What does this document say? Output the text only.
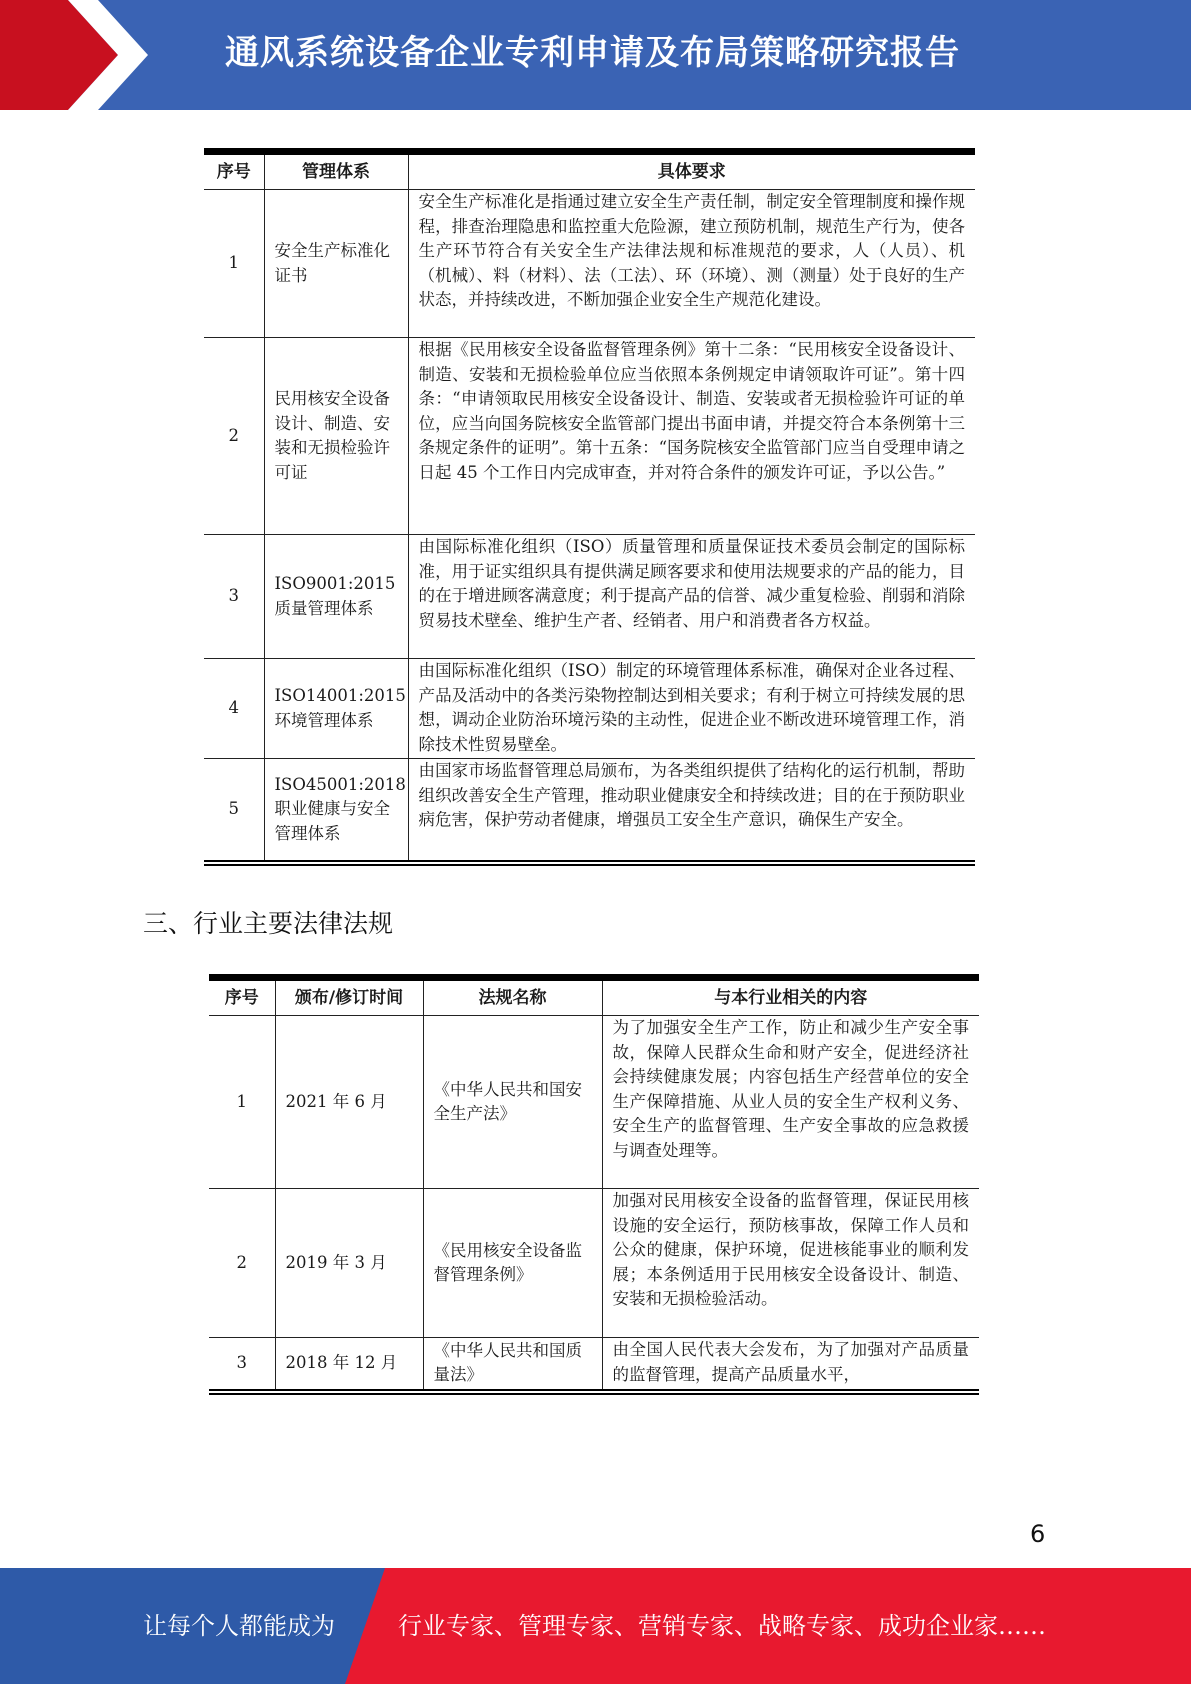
通风系统设备企业专利申请及布局策略研究报告
序号	管理体系	具体要求
1	安全生产标准化证书	安全生产标准化是指通过建立安全生产责任制，制定安全管理制度和操作规程，排查治理隐患和监控重大危险源，建立预防机制，规范生产行为，使各生产环节符合有关安全生产法律法规和标准规范的要求，人（人员）、机（机械）、料（材料）、法（工法）、环（环境）、测（测量）处于良好的生产状态，并持续改进，不断加强企业安全生产规范化建设。
2	民用核安全设备设计、制造、安装和无损检验许可证	根据《民用核安全设备监督管理条例》第十二条：“民用核安全设备设计、制造、安装和无损检验单位应当依照本条例规定申请领取许可证”。第十四条：“申请领取民用核安全设备设计、制造、安装或者无损检验许可证的单位，应当向国务院核安全监管部门提出书面申请，并提交符合本条例第十三条规定条件的证明”。第十五条：“国务院核安全监管部门应当自受理申请之日起 45 个工作日内完成审查，并对符合条件的颁发许可证，予以公告。”
3	ISO9001:2015 质量管理体系	由国际标准化组织（ISO）质量管理和质量保证技术委员会制定的国际标准，用于证实组织具有提供满足顾客要求和使用法规要求的产品的能力，目的在于增进顾客满意度；利于提高产品的信誉、减少重复检验、削弱和消除贸易技术壁垒、维护生产者、经销者、用户和消费者各方权益。
4	ISO14001:2015 环境管理体系	由国际标准化组织（ISO）制定的环境管理体系标准，确保对企业各过程、产品及活动中的各类污染物控制达到相关要求；有利于树立可持续发展的思想，调动企业防治环境污染的主动性，促进企业不断改进环境管理工作，消除技术性贸易壁垒。
5	ISO45001:2018 职业健康与安全管理体系	由国家市场监督管理总局颁布，为各类组织提供了结构化的运行机制，帮助组织改善安全生产管理，推动职业健康安全和持续改进；目的在于预防职业病危害，保护劳动者健康，增强员工安全生产意识，确保生产安全。
三、行业主要法律法规
序号	颁布/修订时间	法规名称	与本行业相关的内容
1	2021 年 6 月	《中华人民共和国安全生产法》	为了加强安全生产工作，防止和减少生产安全事故，保障人民群众生命和财产安全，促进经济社会持续健康发展；内容包括生产经营单位的安全生产保障措施、从业人员的安全生产权利义务、安全生产的监督管理、生产安全事故的应急救援与调查处理等。
2	2019 年 3 月	《民用核安全设备监督管理条例》	加强对民用核安全设备的监督管理，保证民用核设施的安全运行，预防核事故，保障工作人员和公众的健康，保护环境，促进核能事业的顺利发展；本条例适用于民用核安全设备设计、制造、安装和无损检验活动。
3	2018 年 12 月	《中华人民共和国质量法》	由全国人民代表大会发布，为了加强对产品质量的监督管理，提高产品质量水平，
6
让每个人都能成为	行业专家、管理专家、营销专家、战略专家、成功企业家……
